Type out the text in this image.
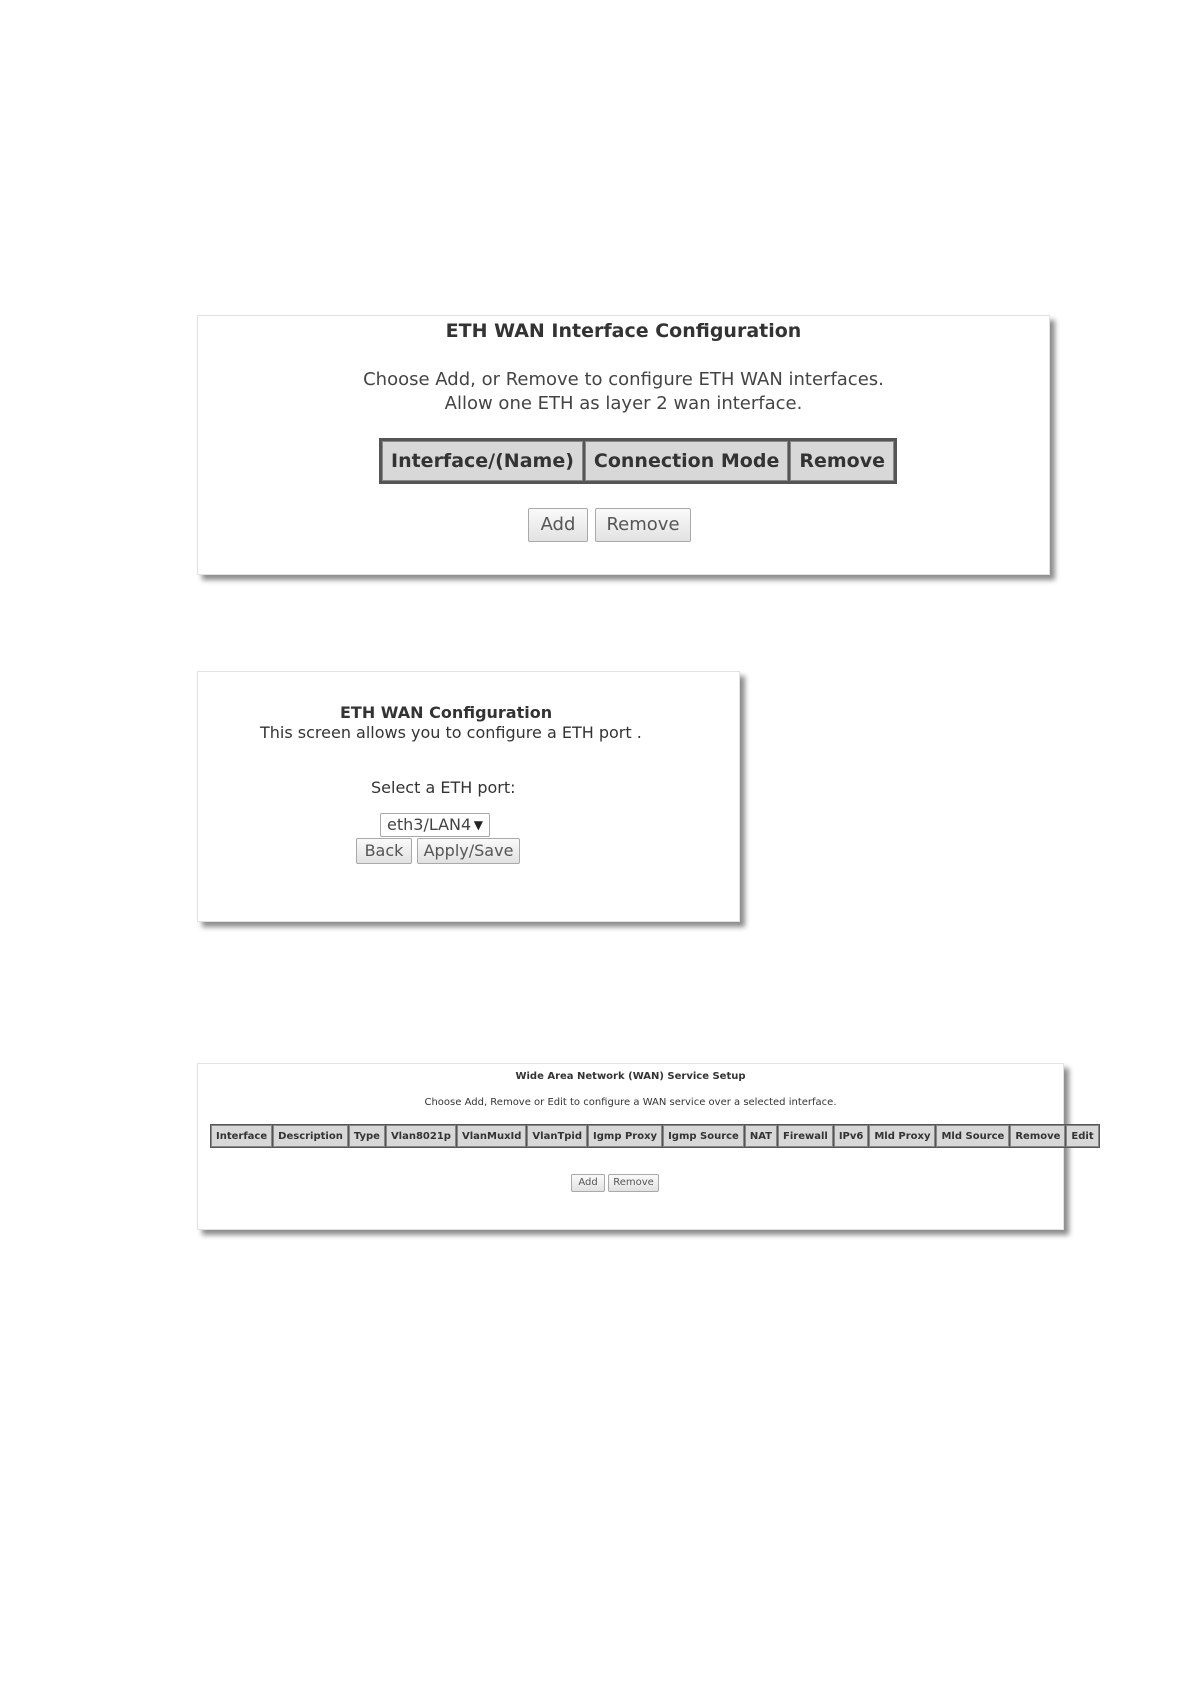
ETH WAN Interface Configuration
Choose Add, or Remove to configure ETH WAN interfaces.
Allow one ETH as layer 2 wan interface.
Interface/(Name)	Connection Mode	Remove
Add	Remove
ETH WAN Configuration
This screen allows you to configure a ETH port .
Select a ETH port:
eth3/LAN4 ▼
Back	Apply/Save
Wide Area Network (WAN) Service Setup
Choose Add, Remove or Edit to configure a WAN service over a selected interface.
Interface	Description	Type	Vlan8021p	VlanMuxId	VlanTpid	Igmp Proxy	Igmp Source	NAT	Firewall	IPv6	Mld Proxy	Mld Source	Remove	Edit
Add	Remove
